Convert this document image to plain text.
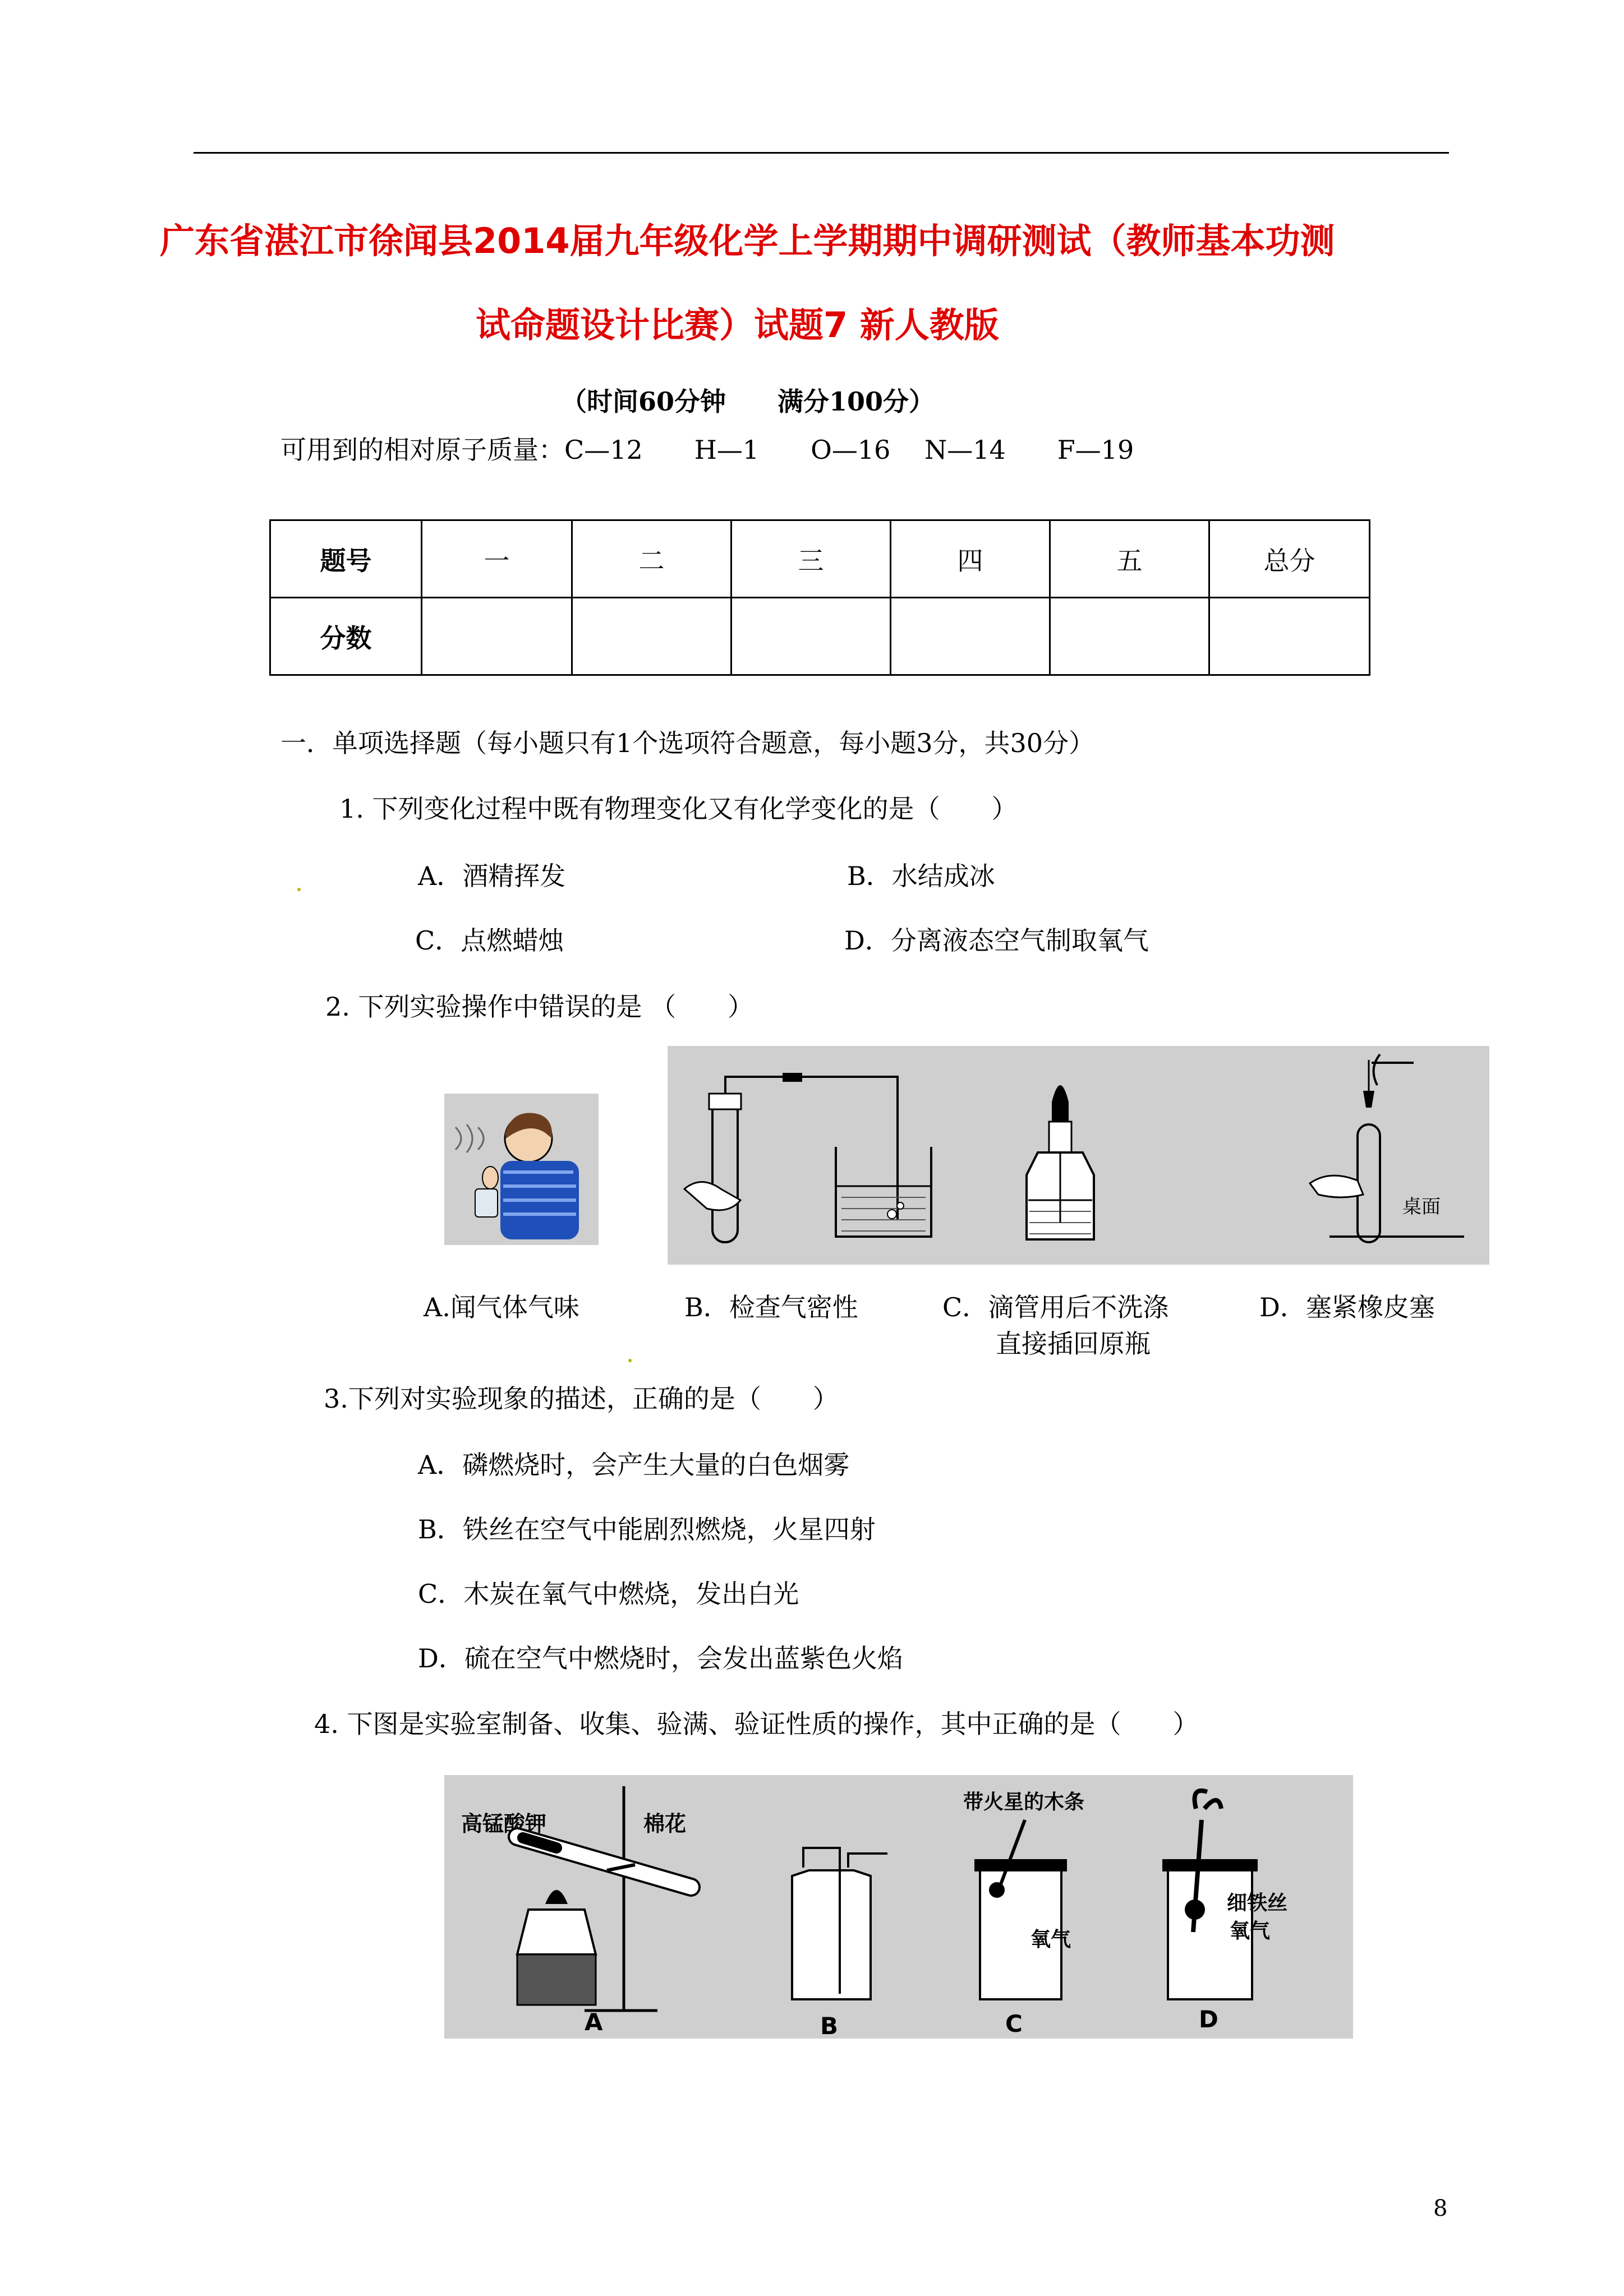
广东省湛江市徐闻县2014届九年级化学上学期期中调研测试（教师基本功测
试命题设计比赛）试题7 新人教版
（时间60分钟　　满分100分）
可用到的相对原子质量：C—12　　H—1　　O—16　 N—14　　F—19
题号	一	二	三	四	五	总分
分数						
一．单项选择题（每小题只有1个选项符合题意，每小题3分，共30分）
1. 下列变化过程中既有物理变化又有化学变化的是（　　）
A．酒精挥发	B．水结成冰
C．点燃蜡烛	D．分离液态空气制取氧气
2. 下列实验操作中错误的是 （　　）
桌面
A.闻气体气味	B．检查气密性	C．滴管用后不洗涤
直接插回原瓶
D．塞紧橡皮塞
3.下列对实验现象的描述，正确的是（　　）
A．磷燃烧时，会产生大量的白色烟雾
B．铁丝在空气中能剧烈燃烧，火星四射
C．木炭在氧气中燃烧，发出白光
D．硫在空气中燃烧时，会发出蓝紫色火焰
4. 下图是实验室制备、收集、验满、验证性质的操作，其中正确的是（　　）
高锰酸钾	棉花
A	B
带火星的木条
氧气
C
细铁丝
氧气
D
8
